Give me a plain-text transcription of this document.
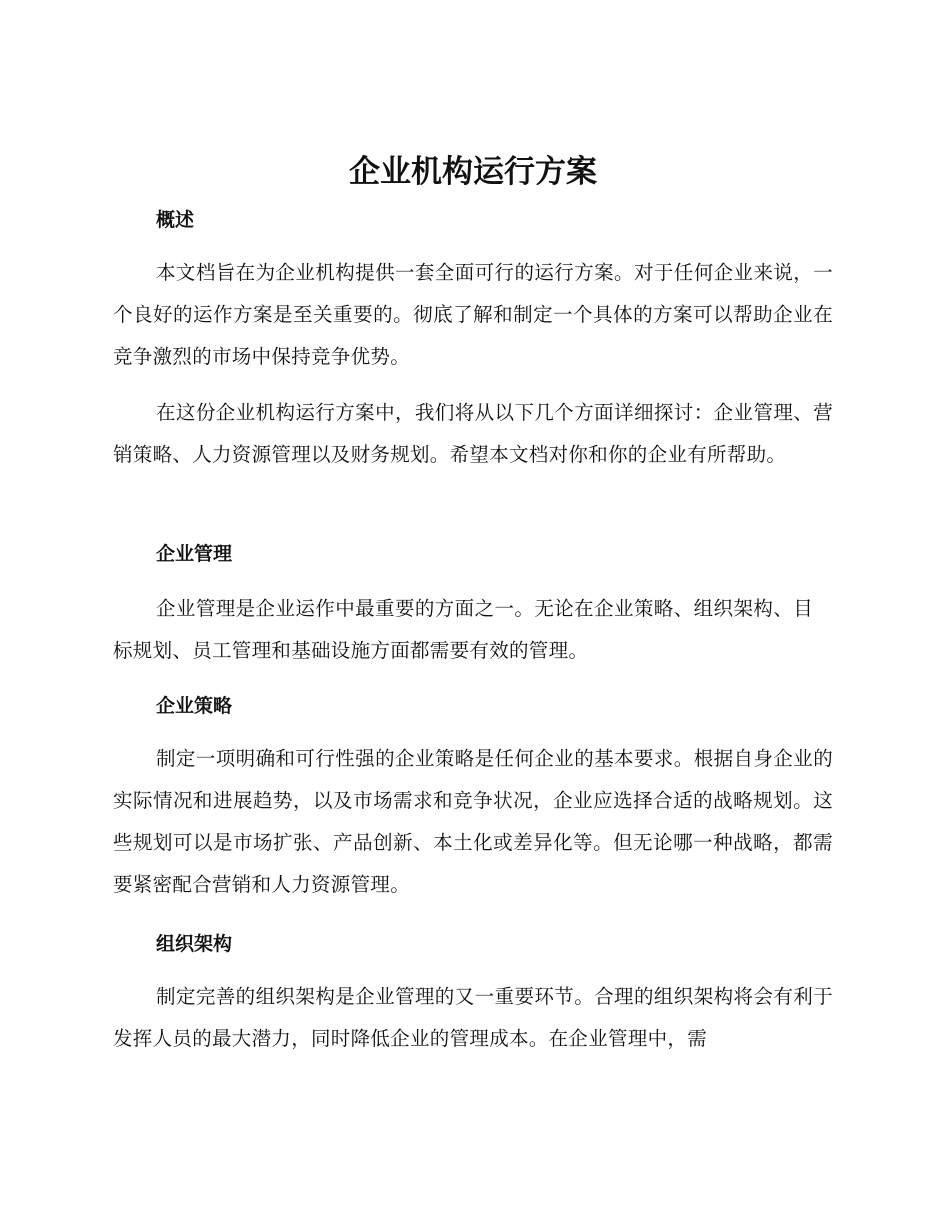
企业机构运行方案
概述

本文档旨在为企业机构提供一套全面可行的运行方案。对于任何企业来说，一个良好的运作方案是至关重要的。彻底了解和制定一个具体的方案可以帮助企业在竞争激烈的市场中保持竞争优势。

在这份企业机构运行方案中，我们将从以下几个方面详细探讨：企业管理、营销策略、人力资源管理以及财务规划。希望本文档对你和你的企业有所帮助。

企业管理

企业管理是企业运作中最重要的方面之一。无论在企业策略、组织架构、目标规划、员工管理和基础设施方面都需要有效的管理。

企业策略

制定一项明确和可行性强的企业策略是任何企业的基本要求。根据自身企业的实际情况和进展趋势，以及市场需求和竞争状况，企业应选择合适的战略规划。这些规划可以是市场扩张、产品创新、本土化或差异化等。但无论哪一种战略，都需要紧密配合营销和人力资源管理。

组织架构

制定完善的组织架构是企业管理的又一重要环节。合理的组织架构将会有利于发挥人员的最大潜力，同时降低企业的管理成本。在企业管理中，需
